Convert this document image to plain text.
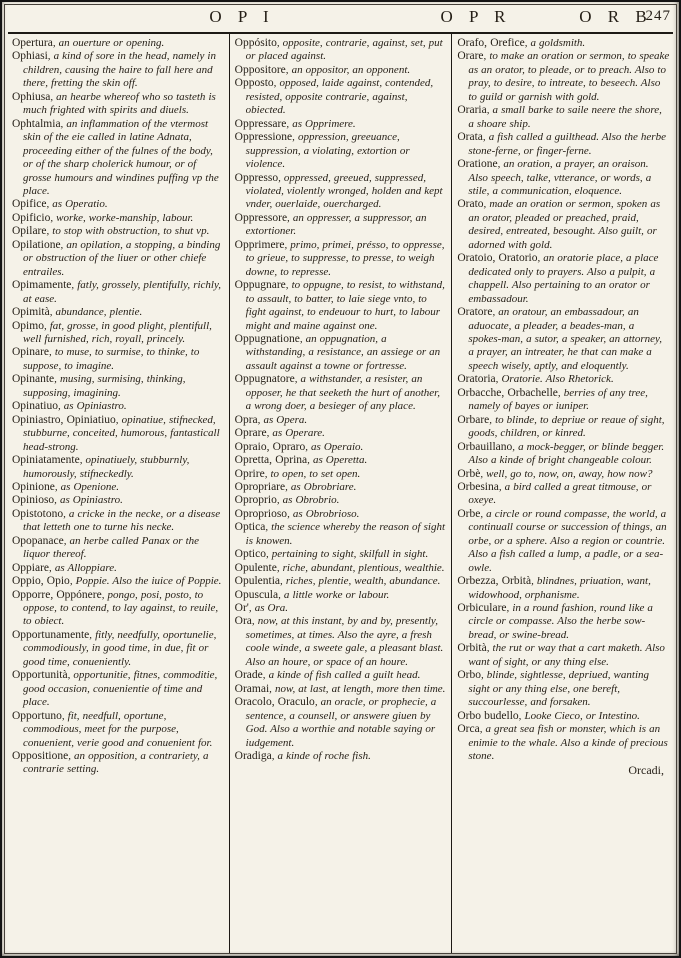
O P I	O P R	O R B
247
Opertura, an ouerture or opening.
Ophiasi, a kind of sore in the head, namely in children, causing the haire to fall here and there, fretting the skin off.
Ophiusa, an hearbe whereof who so tasteth is much frighted with spirits and diuels.
Ophtalmia, an inflammation of the vtermost skin of the eie called in latine Adnata, proceeding either of the fulnes of the body, or of the sharp cholerick humour, or of grosse humours and windines puffing vp the place.
Opifice, as Operatio.
Opificio, worke, worke-manship, labour.
Opilare, to stop with obstruction, to shut vp.
Opilatione, an opilation, a stopping, a binding or obstruction of the liuer or other chiefe entrailes.
Opimamente, fatly, grossely, plentifully, richly, at ease.
Opimità, abundance, plentie.
Opimo, fat, grosse, in good plight, plentifull, well furnished, rich, royall, princely.
Opinare, to muse, to surmise, to thinke, to suppose, to imagine.
Opinante, musing, surmising, thinking, supposing, imagining.
Opinatiuo, as Opiniastro.
Opiniastro, Opiniatiuo, opinatiue, stifnecked, stubburne, conceited, humorous, fantasticall head-strong.
Opiniatamente, opinatiuely, stubburnly, humorously, stifneckedly.
Opinione, as Openione.
Opinioso, as Opiniastro.
Opistotono, a cricke in the necke, or a disease that letteth one to turne his necke.
Opopanace, an herbe called Panax or the liquor thereof.
Oppiare, as Alloppiare.
Oppio, Opio, Poppie. Also the iuice of Poppie.
Opporre, Oppónere, pongo, posi, posto, to oppose, to contend, to lay against, to reuile, to obiect.
Opportunamente, fitly, needfully, oportunelie, commodiously, in good time, in due, fit or good time, conueniently.
Opportunità, opportunitie, fitnes, commoditie, good occasion, conuenientie of time and place.
Opportuno, fit, needfull, oportune, commodious, meet for the purpose, conuenient, verie good and conuenient for.
Oppositione, an opposition, a contrariety, a contrarie setting.
Oppósito, opposite, contrarie, against, set, put or placed against.
Oppositore, an oppositor, an opponent.
Opposto, opposed, laide against, contended, resisted, opposite contrarie, against, obiected.
Oppressare, as Opprimere.
Oppressione, oppression, greeuance, suppression, a violating, extortion or violence.
Oppresso, oppressed, greeued, suppressed, violated, violently wronged, holden and kept vnder, ouerlaide, ouercharged.
Oppressore, an oppresser, a suppressor, an extortioner.
Opprimere, primo, primei, présso, to oppresse, to grieue, to suppresse, to presse, to weigh downe, to represse.
Oppugnare, to oppugne, to resist, to withstand, to assault, to batter, to laie siege vnto, to fight against, to endeuour to hurt, to labour might and maine against one.
Oppugnatione, an oppugnation, a withstanding, a resistance, an assiege or an assault against a towne or fortresse.
Oppugnatore, a withstander, a resister, an opposer, he that seeketh the hurt of another, a wrong doer, a besieger of any place.
Opra, as Opera.
Oprare, as Operare.
Opraio, Opraro, as Operaio.
Opretta, Oprina, as Operetta.
Oprire, to open, to set open.
Opropriare, as Obrobriare.
Oproprio, as Obrobrio.
Oproprioso, as Obrobrioso.
Optica, the science whereby the reason of sight is knowen.
Optico, pertaining to sight, skilfull in sight.
Opulente, riche, abundant, plentious, wealthie.
Opulentia, riches, plentie, wealth, abundance.
Opuscula, a little worke or labour.
Or', as Ora.
Ora, now, at this instant, by and by, presently, sometimes, at times. Also the ayre, a fresh coole winde, a sweete gale, a pleasant blast. Also an houre, or space of an houre.
Orade, a kinde of fish called a guilt head.
Oramai, now, at last, at length, more then time.
Oracolo, Oraculo, an oracle, or prophecie, a sentence, a counsell, or answere giuen by God. Also a worthie and notable saying or iudgement.
Oradiga, a kinde of roche fish.
Orafo, Orefice, a goldsmith.
Orare, to make an oration or sermon, to speake as an orator, to pleade, or to preach. Also to pray, to desire, to intreate, to beseech. Also to guild or garnish with gold.
Oraria, a small barke to saile neere the shore, a shoare ship.
Orata, a fish called a guilthead. Also the herbe stone-ferne, or finger-ferne.
Oratione, an oration, a prayer, an oraison. Also speech, talke, vtterance, or words, a stile, a communication, eloquence.
Orato, made an oration or sermon, spoken as an orator, pleaded or preached, praid, desired, entreated, besought. Also guilt, or adorned with gold.
Oratoio, Oratorio, an oratorie place, a place dedicated only to prayers. Also a pulpit, a chappell. Also pertaining to an orator or embassadour.
Oratore, an oratour, an embassadour, an aduocate, a pleader, a beades-man, a spokes-man, a sutor, a speaker, an attorney, a prayer, an intreater, he that can make a speech wisely, aptly, and eloquently.
Oratoria, Oratorie. Also Rhetorick.
Orbacche, Orbachelle, berries of any tree, namely of bayes or iuniper.
Orbare, to blinde, to depriue or reaue of sight, goods, children, or kinred.
Orbauillano, a mock-begger, or blinde begger. Also a kinde of bright changeable colour.
Orbè, well, go to, now, on, away, how now?
Orbesina, a bird called a great titmouse, or oxeye.
Orbe, a circle or round compasse, the world, a continuall course or succession of things, an orbe, or a sphere. Also a region or countrie. Also a fish called a lump, a padle, or a sea-owle.
Orbezza, Orbità, blindnes, priuation, want, widowhood, orphanisme.
Orbiculare, in a round fashion, round like a circle or compasse. Also the herbe sow-bread, or swine-bread.
Orbità, the rut or way that a cart maketh. Also want of sight, or any thing else.
Orbo, blinde, sightlesse, depriued, wanting sight or any thing else, one bereft, succourlesse, and forsaken.
Orbo budello, Looke Cieco, or Intestino.
Orca, a great sea fish or monster, which is an enimie to the whale. Also a kinde of precious stone.
Orcadi,
